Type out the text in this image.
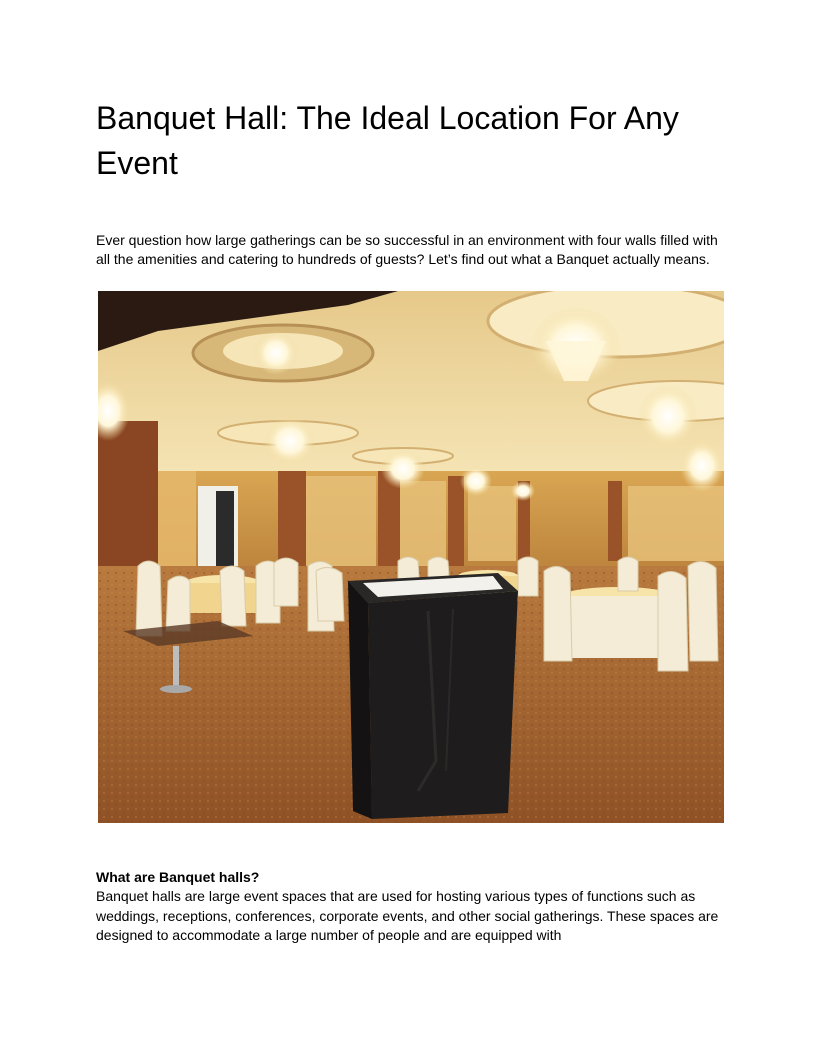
Banquet Hall: The Ideal Location For Any Event

Ever question how large gatherings can be so successful in an environment with four walls filled with all the amenities and catering to hundreds of guests? Let’s find out what a Banquet actually means.

What are Banquet halls?

Banquet halls are large event spaces that are used for hosting various types of functions such as weddings, receptions, conferences, corporate events, and other social gatherings. These spaces are designed to accommodate a large number of people and are equipped with
